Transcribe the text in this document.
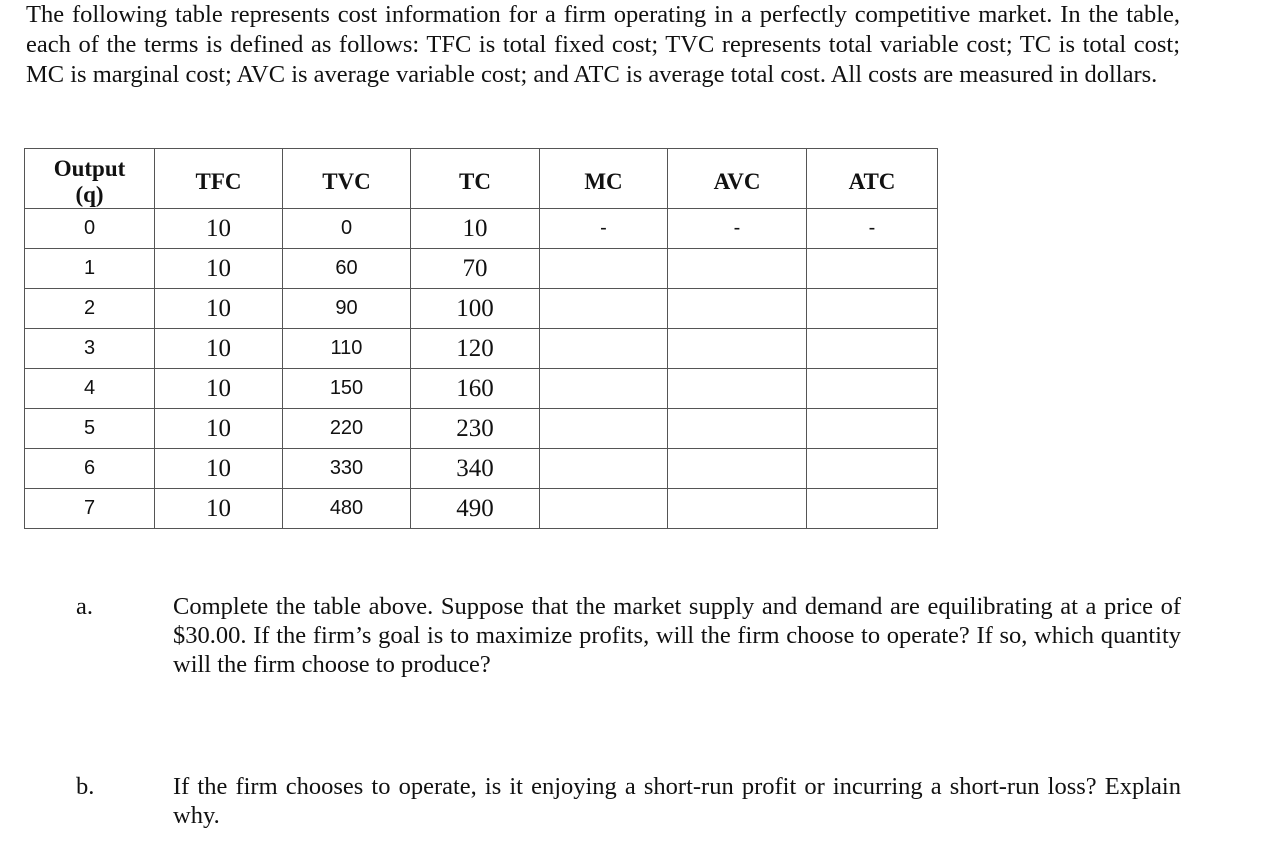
The following table represents cost information for a firm operating in a perfectly competitive market. In the table, each of the terms is defined as follows: TFC is total fixed cost; TVC represents total variable cost; TC is total cost; MC is marginal cost; AVC is average variable cost; and ATC is average total cost. All costs are measured in dollars.

Output
(q)	TFC	TVC	TC	MC	AVC	ATC

0	10	0	10	-	-	-
1	10	60	70			
2	10	90	100			
3	10	110	120			
4	10	150	160			
5	10	220	230			
6	10	330	340			
7	10	480	490			
a.	Complete the table above. Suppose that the market supply and demand are equilibrating at a price of $30.00. If the firm’s goal is to maximize profits, will the firm choose to operate? If so, which quantity will the firm choose to produce?

b.	If the firm chooses to operate, is it enjoying a short-run profit or incurring a short-run loss? Explain why.
